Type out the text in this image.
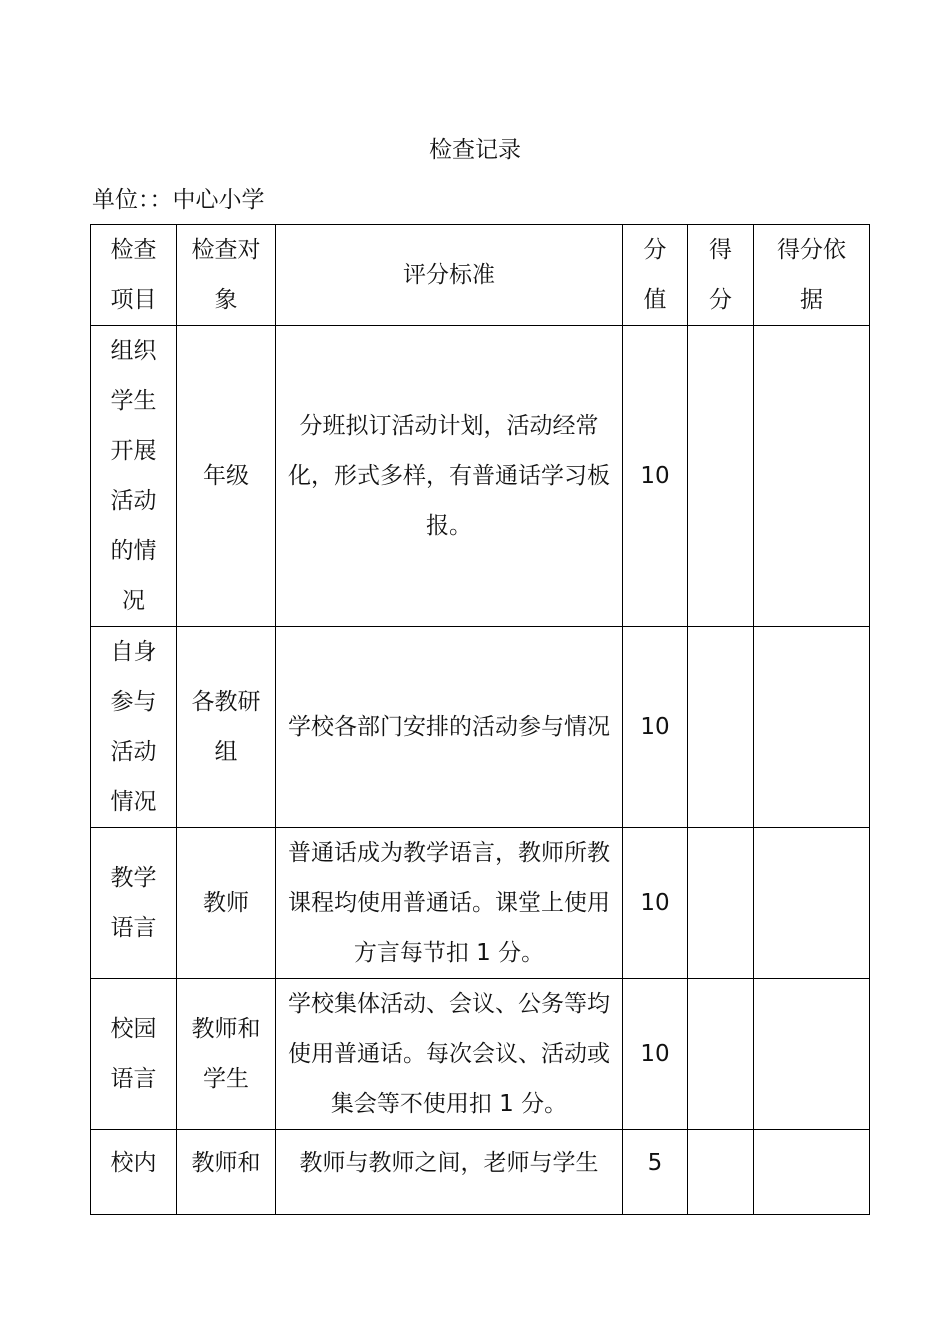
检查记录
单位：：中心小学
检查项目	检查对象	评分标准	分值	得分	得分依据

组织学生开展活动的情况	年级	分班拟订活动计划，活动经常化，形式多样，有普通话学习板报。	10		

自身参与活动情况	各教研组	学校各部门安排的活动参与情况	10		

教学语言	教师	普通话成为教学语言，教师所教课程均使用普通话。课堂上使用方言每节扣 1 分。	10		

校园语言	教师和学生	学校集体活动、会议、公务等均使用普通话。每次会议、活动或集会等不使用扣 1 分。	10		

校内	教师和	教师与教师之间，老师与学生	5		
